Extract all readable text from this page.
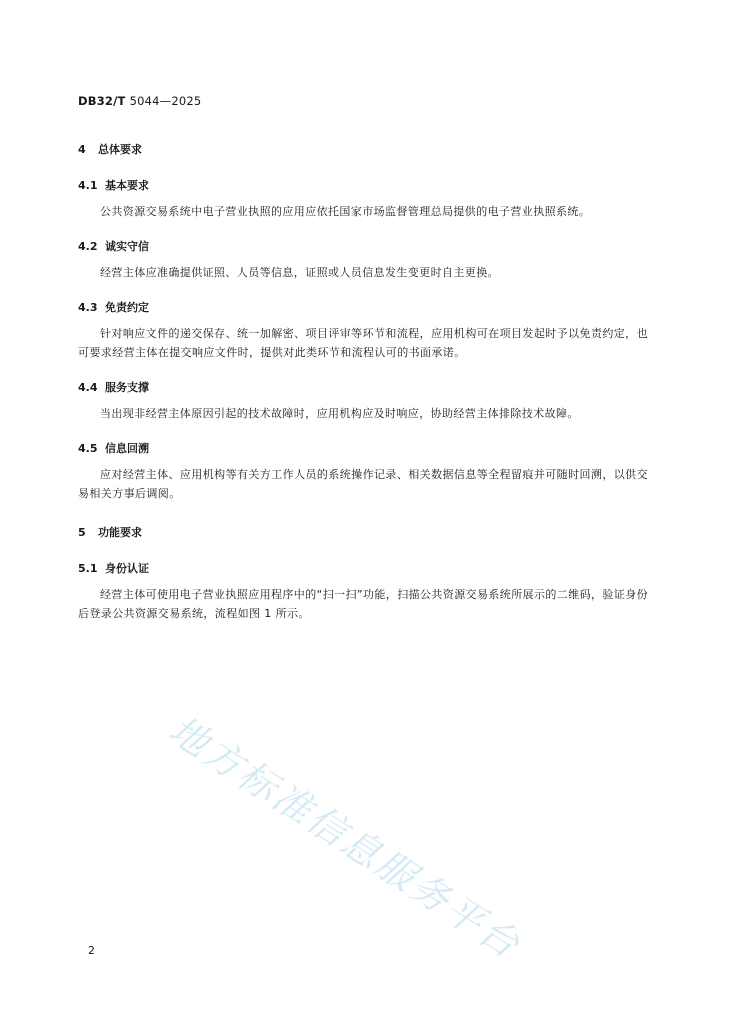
DB32/T 5044—2025
4 总体要求
4.1 基本要求

公共资源交易系统中电子营业执照的应用应依托国家市场监督管理总局提供的电子营业执照系统。

4.2 诚实守信

经营主体应准确提供证照、人员等信息，证照或人员信息发生变更时自主更换。

4.3 免责约定

针对响应文件的递交保存、统一加解密、项目评审等环节和流程，应用机构可在项目发起时予以免责约定，也可要求经营主体在提交响应文件时，提供对此类环节和流程认可的书面承诺。

4.4 服务支撑

当出现非经营主体原因引起的技术故障时，应用机构应及时响应，协助经营主体排除技术故障。

4.5 信息回溯

应对经营主体、应用机构等有关方工作人员的系统操作记录、相关数据信息等全程留痕并可随时回溯，以供交易相关方事后调阅。

5 功能要求
5.1 身份认证

经营主体可使用电子营业执照应用程序中的“扫一扫”功能，扫描公共资源交易系统所展示的二维码，验证身份后登录公共资源交易系统，流程如图 1 所示。

地方标准信息服务平台
2
